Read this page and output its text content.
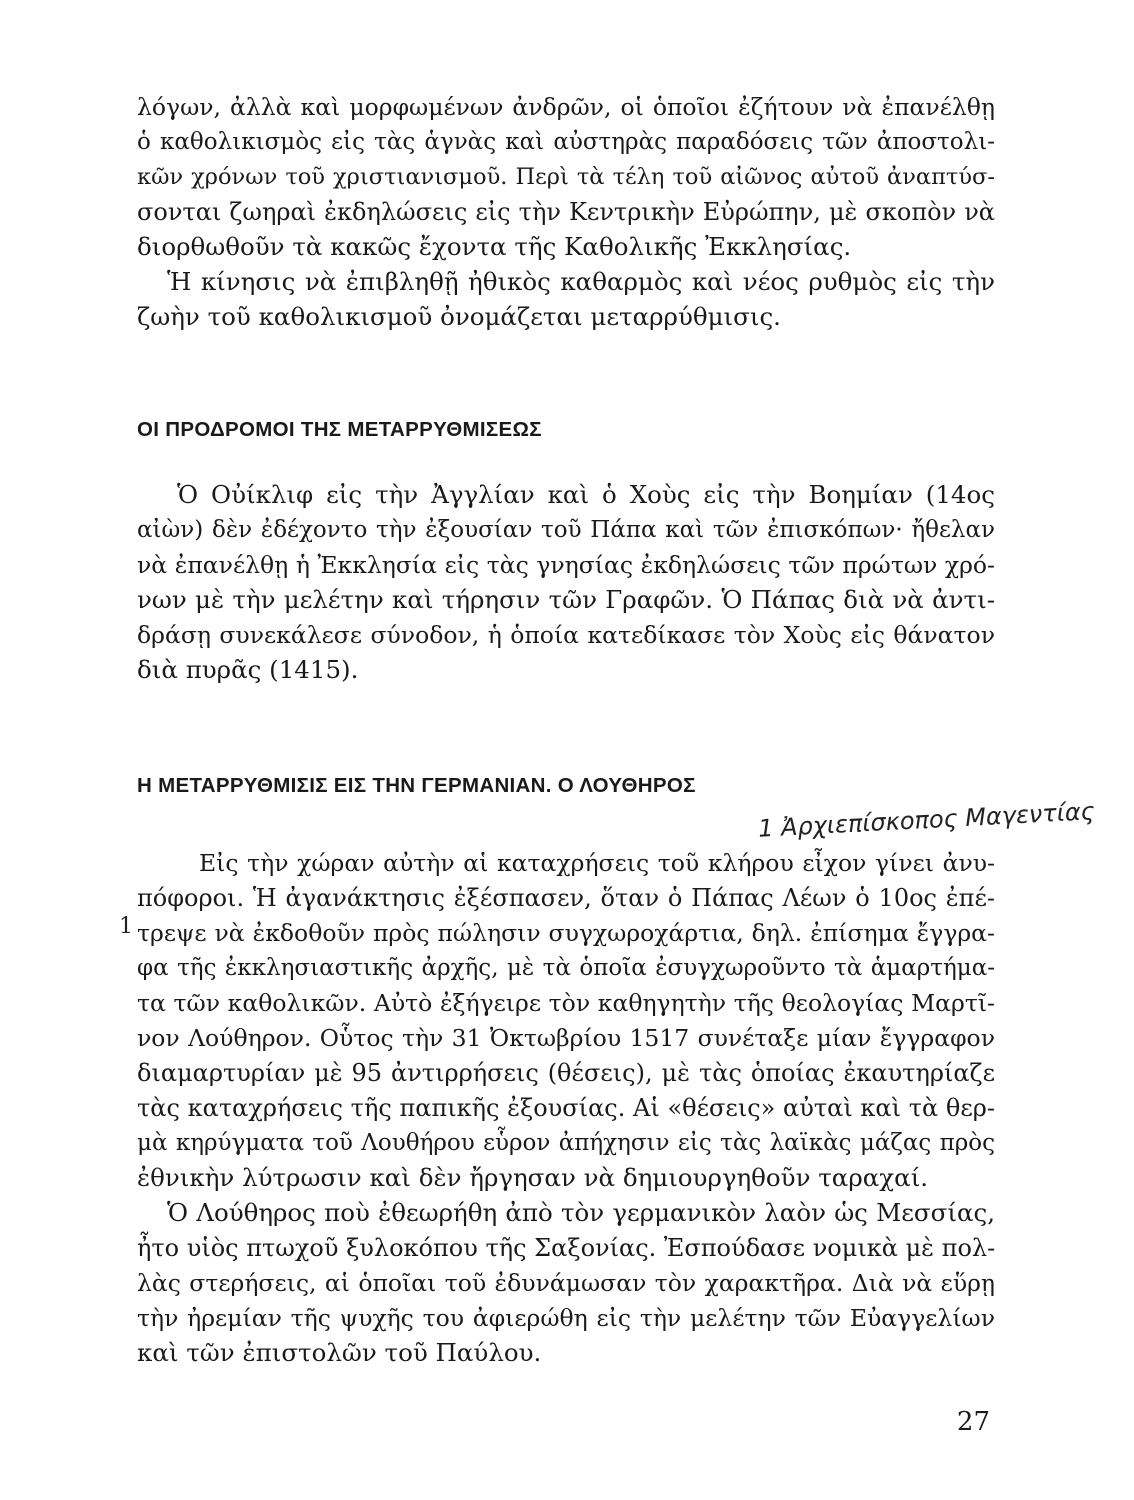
λόγων, ἀλλὰ καὶ μορφωμένων ἀνδρῶν, οἱ ὁποῖοι ἐζήτουν νὰ ἐπανέλθῃ
ὁ καθολικισμὸς εἰς τὰς ἁγνὰς καὶ αὐστηρὰς παραδόσεις τῶν ἀποστολι-
κῶν χρόνων τοῦ χριστιανισμοῦ. Περὶ τὰ τέλη τοῦ αἰῶνος αὐτοῦ ἀναπτύσ-
σονται ζωηραὶ ἐκδηλώσεις εἰς τὴν Κεντρικὴν Εὐρώπην, μὲ σκοπὸν νὰ
διορθωθοῦν τὰ κακῶς ἔχοντα τῆς Καθολικῆς Ἐκκλησίας.
Ἡ κίνησις νὰ ἐπιβληθῇ ἠθικὸς καθαρμὸς καὶ νέος ρυθμὸς εἰς τὴν
ζωὴν τοῦ καθολικισμοῦ ὀνομάζεται μεταρρύθμισις.
ΟΙ ΠΡΟΔΡΟΜΟΙ ΤΗΣ ΜΕΤΑΡΡΥΘΜΙΣΕΩΣ
Ὁ Οὐίκλιφ εἰς τὴν Ἀγγλίαν καὶ ὁ Χοὺς εἰς τὴν Βοημίαν (14ος
αἰὼν) δὲν ἐδέχοντο τὴν ἐξουσίαν τοῦ Πάπα καὶ τῶν ἐπισκόπων· ἤθελαν
νὰ ἐπανέλθῃ ἡ Ἐκκλησία εἰς τὰς γνησίας ἐκδηλώσεις τῶν πρώτων χρό-
νων μὲ τὴν μελέτην καὶ τήρησιν τῶν Γραφῶν. Ὁ Πάπας διὰ νὰ ἀντι-
δράσῃ συνεκάλεσε σύνοδον, ἡ ὁποία κατεδίκασε τὸν Χοὺς εἰς θάνατον
διὰ πυρᾶς (1415).
Η ΜΕΤΑΡΡΥΘΜΙΣΙΣ ΕΙΣ ΤΗΝ ΓΕΡΜΑΝΙΑΝ. Ο ΛΟΥΘΗΡΟΣ
1 Ἀρχιεπίσκοπος Μαγεντίας
1
Εἰς τὴν χώραν αὐτὴν αἱ καταχρήσεις τοῦ κλήρου εἶχον γίνει ἀνυ-
πόφοροι. Ἡ ἀγανάκτησις ἐξέσπασεν, ὅταν ὁ Πάπας Λέων ὁ 10ος ἐπέ-
τρεψε νὰ ἐκδοθοῦν πρὸς πώλησιν συγχωροχάρτια, δηλ. ἐπίσημα ἔγγρα-
φα τῆς ἐκκλησιαστικῆς ἀρχῆς, μὲ τὰ ὁποῖα ἐσυγχωροῦντο τὰ ἁμαρτήμα-
τα τῶν καθολικῶν. Αὐτὸ ἐξήγειρε τὸν καθηγητὴν τῆς θεολογίας Μαρτῖ-
νον Λούθηρον. Οὗτος τὴν 31 Ὀκτωβρίου 1517 συνέταξε μίαν ἔγγραφον
διαμαρτυρίαν μὲ 95 ἀντιρρήσεις (θέσεις), μὲ τὰς ὁποίας ἐκαυτηρίαζε
τὰς καταχρήσεις τῆς παπικῆς ἐξουσίας. Αἱ «θέσεις» αὐταὶ καὶ τὰ θερ-
μὰ κηρύγματα τοῦ Λουθήρου εὗρον ἀπήχησιν εἰς τὰς λαϊκὰς μάζας πρὸς
ἐθνικὴν λύτρωσιν καὶ δὲν ἤργησαν νὰ δημιουργηθοῦν ταραχαί.
Ὁ Λούθηρος ποὺ ἐθεωρήθη ἀπὸ τὸν γερμανικὸν λαὸν ὡς Μεσσίας,
ἦτο υἱὸς πτωχοῦ ξυλοκόπου τῆς Σαξονίας. Ἐσπούδασε νομικὰ μὲ πολ-
λὰς στερήσεις, αἱ ὁποῖαι τοῦ ἐδυνάμωσαν τὸν χαρακτῆρα. Διὰ νὰ εὕρῃ
τὴν ἠρεμίαν τῆς ψυχῆς του ἀφιερώθη εἰς τὴν μελέτην τῶν Εὐαγγελίων
καὶ τῶν ἐπιστολῶν τοῦ Παύλου.
27
